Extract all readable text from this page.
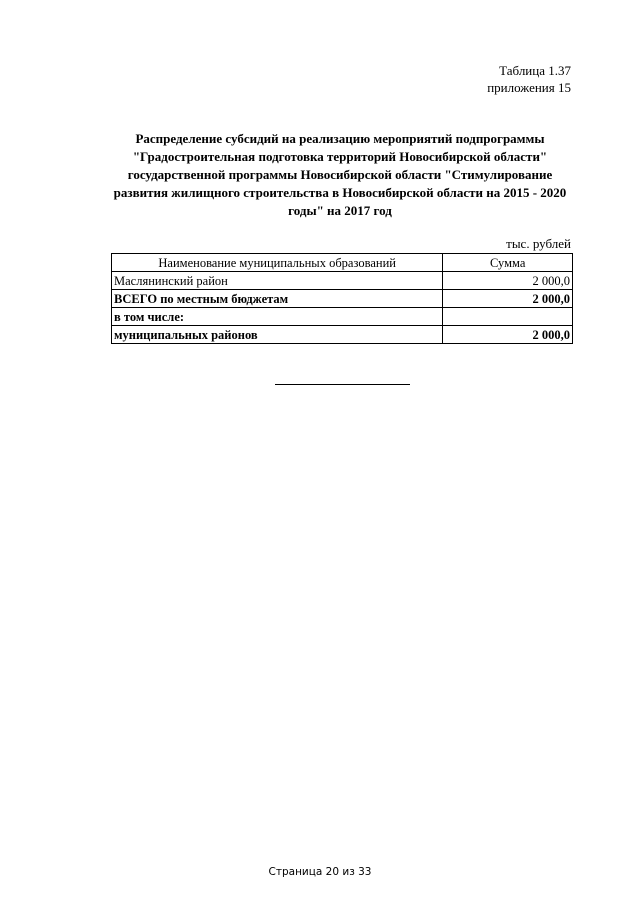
Таблица 1.37
приложения 15
Распределение субсидий на реализацию мероприятий подпрограммы "Градостроительная подготовка территорий Новосибирской области" государственной программы Новосибирской области "Стимулирование развития жилищного строительства в Новосибирской области на 2015 - 2020 годы" на 2017 год
тыс. рублей
Наименование муниципальных образований	Сумма
Маслянинский район	2 000,0
ВСЕГО по местным бюджетам	2 000,0
в том числе:	
муниципальных районов	2 000,0
Страница 20 из 33
